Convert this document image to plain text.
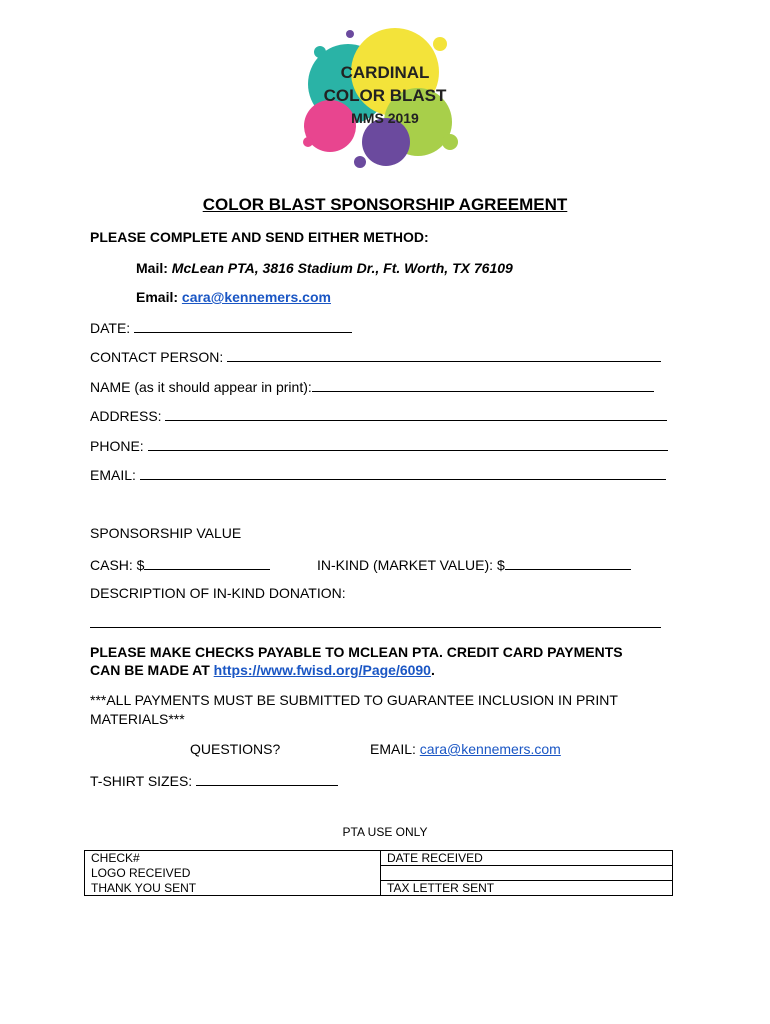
CARDINAL
COLOR BLAST
MMS 2019
COLOR BLAST SPONSORSHIP AGREEMENT
PLEASE COMPLETE AND SEND EITHER METHOD:
Mail: McLean PTA, 3816 Stadium Dr., Ft. Worth, TX 76109
Email: cara@kennemers.com
DATE:
CONTACT PERSON:
NAME (as it should appear in print):
ADDRESS:
PHONE:
EMAIL:
SPONSORSHIP VALUE
CASH: $	IN-KIND (MARKET VALUE): $
DESCRIPTION OF IN-KIND DONATION:
PLEASE MAKE CHECKS PAYABLE TO MCLEAN PTA. CREDIT CARD PAYMENTS
CAN BE MADE AT https://www.fwisd.org/Page/6090.
***ALL PAYMENTS MUST BE SUBMITTED TO GUARANTEE INCLUSION IN PRINT
MATERIALS***
QUESTIONS?	EMAIL: cara@kennemers.com
T-SHIRT SIZES:
PTA USE ONLY
CHECK#	DATE RECEIVED
LOGO RECEIVED	
THANK YOU SENT	TAX LETTER SENT
